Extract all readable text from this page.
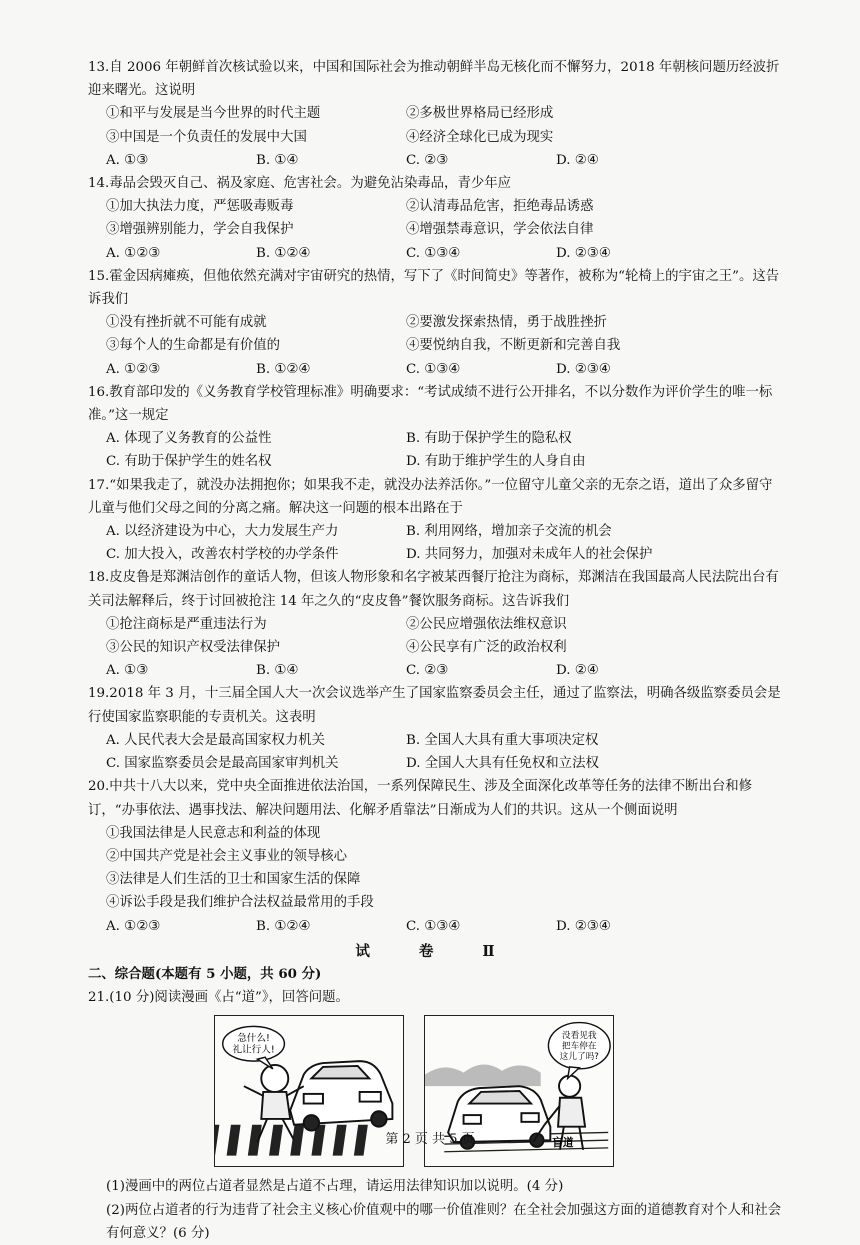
13.自 2006 年朝鲜首次核试验以来，中国和国际社会为推动朝鲜半岛无核化而不懈努力，2018 年朝核问题历经波折迎来曙光。这说明
①和平与发展是当今世界的时代主题	②多极世界格局已经形成
③中国是一个负责任的发展中大国	④经济全球化已成为现实
A. ①③	B. ①④	C. ②③	D. ②④
14.毒品会毁灭自己、祸及家庭、危害社会。为避免沾染毒品，青少年应
①加大执法力度，严惩吸毒贩毒	②认清毒品危害，拒绝毒品诱惑
③增强辨别能力，学会自我保护	④增强禁毒意识，学会依法自律
A. ①②③	B. ①②④	C. ①③④	D. ②③④
15.霍金因病瘫痪，但他依然充满对宇宙研究的热情，写下了《时间简史》等著作，被称为“轮椅上的宇宙之王”。这告诉我们
①没有挫折就不可能有成就	②要激发探索热情，勇于战胜挫折
③每个人的生命都是有价值的	④要悦纳自我，不断更新和完善自我
A. ①②③	B. ①②④	C. ①③④	D. ②③④
16.教育部印发的《义务教育学校管理标准》明确要求：“考试成绩不进行公开排名，不以分数作为评价学生的唯一标准。”这一规定
A. 体现了义务教育的公益性	B. 有助于保护学生的隐私权
C. 有助于保护学生的姓名权	D. 有助于维护学生的人身自由
17.“如果我走了，就没办法拥抱你；如果我不走，就没办法养活你。”一位留守儿童父亲的无奈之语，道出了众多留守儿童与他们父母之间的分离之痛。解决这一问题的根本出路在于
A. 以经济建设为中心，大力发展生产力	B. 利用网络，增加亲子交流的机会
C. 加大投入，改善农村学校的办学条件	D. 共同努力，加强对未成年人的社会保护
18.皮皮鲁是郑渊洁创作的童话人物，但该人物形象和名字被某西餐厅抢注为商标，郑渊洁在我国最高人民法院出台有关司法解释后，终于讨回被抢注 14 年之久的“皮皮鲁”餐饮服务商标。这告诉我们
①抢注商标是严重违法行为	②公民应增强依法维权意识
③公民的知识产权受法律保护	④公民享有广泛的政治权利
A. ①③	B. ①④	C. ②③	D. ②④
19.2018 年 3 月，十三届全国人大一次会议选举产生了国家监察委员会主任，通过了监察法，明确各级监察委员会是行使国家监察职能的专责机关。这表明
A. 人民代表大会是最高国家权力机关	B. 全国人大具有重大事项决定权
C. 国家监察委员会是最高国家审判机关	D. 全国人大具有任免权和立法权
20.中共十八大以来，党中央全面推进依法治国，一系列保障民生、涉及全面深化改革等任务的法律不断出台和修订，“办事依法、遇事找法、解决问题用法、化解矛盾靠法”日渐成为人们的共识。这从一个侧面说明
①我国法律是人民意志和利益的体现
②中国共产党是社会主义事业的领导核心
③法律是人们生活的卫士和国家生活的保障
④诉讼手段是我们维护合法权益最常用的手段
A. ①②③	B. ①②④	C. ①③④	D. ②③④
试 卷 Ⅱ
二、综合题(本题有 5 小题，共 60 分)
21.(10 分)阅读漫画《占“道”》，回答问题。
急什么!
礼让行人!
没看见我
把车停在
这儿了吗?
盲道
(1)漫画中的两位占道者显然是占道不占理，请运用法律知识加以说明。(4 分)
(2)两位占道者的行为违背了社会主义核心价值观中的哪一价值准则？在全社会加强这方面的道德教育对个人和社会有何意义？(6 分)
第 2 页 共 5 页
